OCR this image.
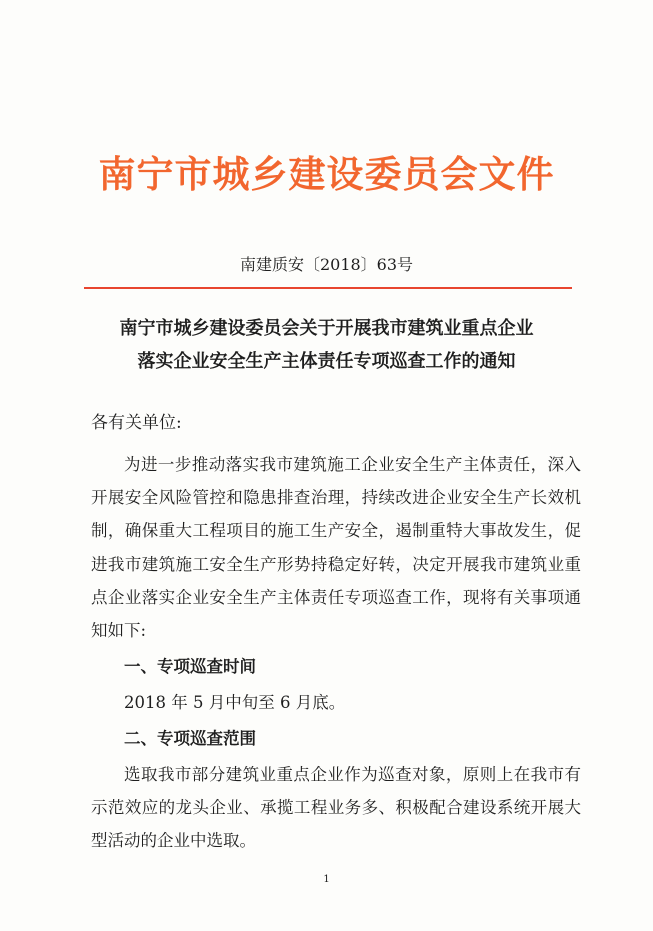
南宁市城乡建设委员会文件
南建质安〔2018〕63号
南宁市城乡建设委员会关于开展我市建筑业重点企业
落实企业安全生产主体责任专项巡查工作的通知
各有关单位:
为进一步推动落实我市建筑施工企业安全生产主体责任，深入开展安全风险管控和隐患排查治理，持续改进企业安全生产长效机制，确保重大工程项目的施工生产安全，遏制重特大事故发生，促进我市建筑施工安全生产形势持稳定好转，决定开展我市建筑业重点企业落实企业安全生产主体责任专项巡查工作，现将有关事项通知如下:
一、专项巡查时间
2018 年 5 月中旬至 6 月底。
二、专项巡查范围
选取我市部分建筑业重点企业作为巡查对象，原则上在我市有示范效应的龙头企业、承揽工程业务多、积极配合建设系统开展大型活动的企业中选取。
1
